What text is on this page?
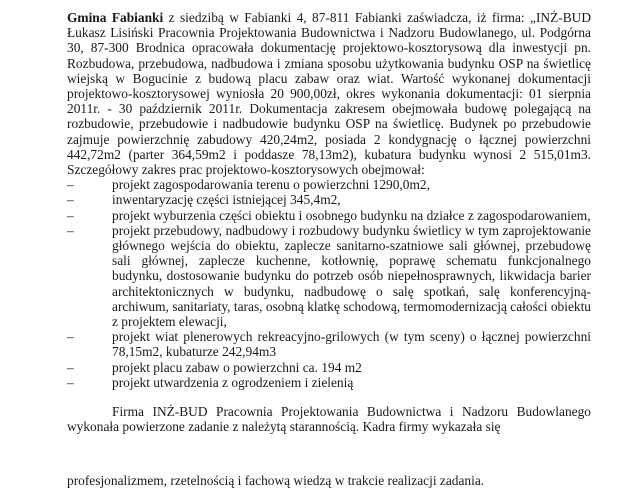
Gmina Fabianki z siedzibą w Fabianki 4, 87-811 Fabianki zaświadcza, iż firma: „INŻ-BUD Łukasz Lisiński Pracownia Projektowania Budownictwa i Nadzoru Budowlanego, ul. Podgórna 30, 87-300 Brodnica opracowała dokumentację projektowo-kosztorysową dla inwestycji pn. Rozbudowa, przebudowa, nadbudowa i zmiana sposobu użytkowania budynku OSP na świetlicę wiejską w Bogucinie z budową placu zabaw oraz wiat. Wartość wykonanej dokumentacji projektowo-kosztorysowej wyniosła 20 900,00zł, okres wykonania dokumentacji: 01 sierpnia 2011r. - 30 październik 2011r. Dokumentacja zakresem obejmowała budowę polegającą na rozbudowie, przebudowie i nadbudowie budynku OSP na świetlicę. Budynek po przebudowie zajmuje powierzchnię zabudowy 420,24m2, posiada 2 kondygnację o łącznej powierzchni 442,72m2 (parter 364,59m2 i poddasze 78,13m2), kubatura budynku wynosi 2 515,01m3. Szczegółowy zakres prac projektowo-kosztorysowych obejmował:

–	projekt zagospodarowania terenu o powierzchni 1290,0m2,
–	inwentaryzację części istniejącej 345,4m2,
–	projekt wyburzenia części obiektu i osobnego budynku na działce z zagospodarowaniem,
–	projekt przebudowy, nadbudowy i rozbudowy budynku świetlicy w tym zaprojektowanie głównego wejścia do obiektu, zaplecze sanitarno-szatniowe sali głównej, przebudowę sali głównej, zaplecze kuchenne, kotłownię, poprawę schematu funkcjonalnego budynku, dostosowanie budynku do potrzeb osób niepełnosprawnych, likwidacja barier architektonicznych w budynku, nadbudowę o salę spotkań, salę konferencyjną-archiwum, sanitariaty, taras, osobną klatkę schodową, termomodernizacją całości obiektu z projektem elewacji,
–	projekt wiat plenerowych rekreacyjno-grilowych (w tym sceny) o łącznej powierzchni 78,15m2, kubaturze 242,94m3
–	projekt placu zabaw o powierzchni ca. 194 m2
–	projekt utwardzenia z ogrodzeniem i zielenią

Firma INŻ-BUD Pracownia Projektowania Budownictwa i Nadzoru Budowlanego wykonała powierzone zadanie z należytą starannością. Kadra firmy wykazała się

profesjonalizmem, rzetelnością i fachową wiedzą w trakcie realizacji zadania.
